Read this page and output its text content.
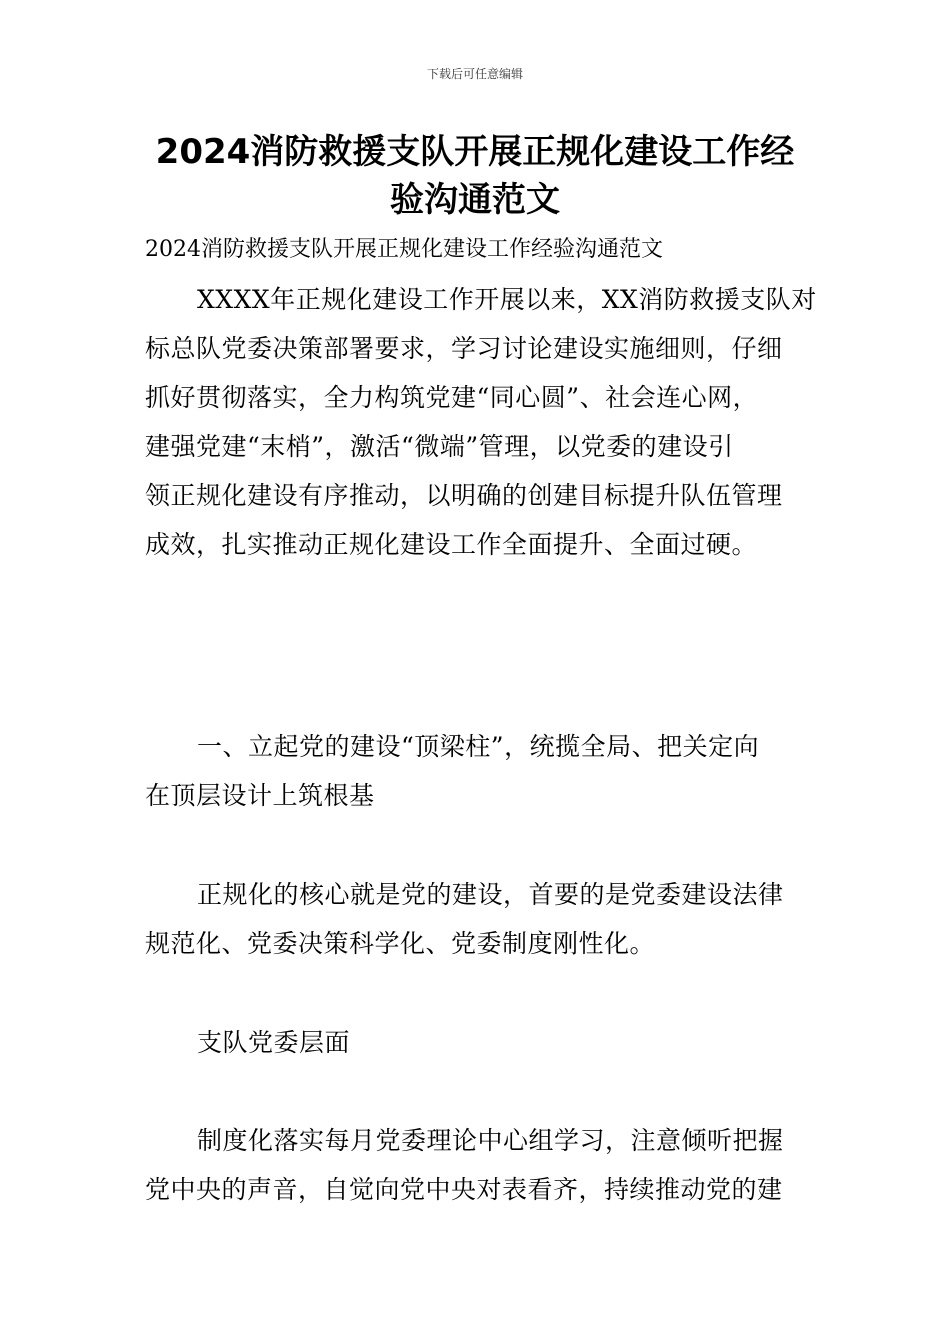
下载后可任意编辑
2024消防救援支队开展正规化建设工作经
验沟通范文

2024消防救援支队开展正规化建设工作经验沟通范文

XXXX年正规化建设工作开展以来，XX消防救援支队对
标总队党委决策部署要求，学习讨论建设实施细则，仔细
抓好贯彻落实，全力构筑党建“同心圆”、社会连心网，
建强党建“末梢”，激活“微端”管理，以党委的建设引
领正规化建设有序推动，以明确的创建目标提升队伍管理
成效，扎实推动正规化建设工作全面提升、全面过硬。

一、立起党的建设“顶梁柱”，统揽全局、把关定向
在顶层设计上筑根基

正规化的核心就是党的建设，首要的是党委建设法律
规范化、党委决策科学化、党委制度刚性化。

支队党委层面

制度化落实每月党委理论中心组学习，注意倾听把握
党中央的声音，自觉向党中央对表看齐，持续推动党的建
